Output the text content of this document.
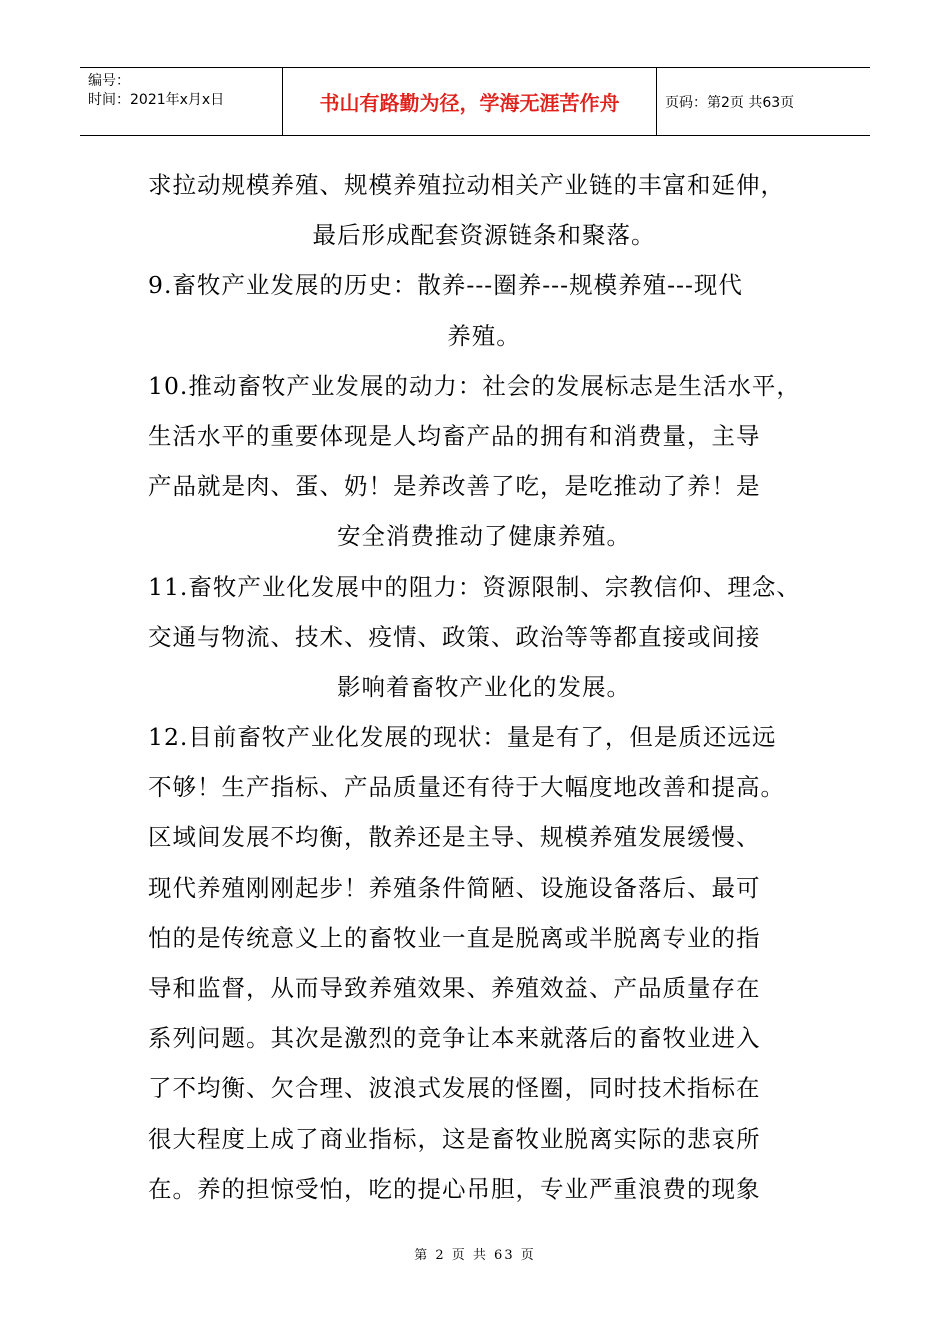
编号：
时间：2021年x月x日	书山有路勤为径，学海无涯苦作舟	页码：第2页 共63页
求拉动规模养殖、规模养殖拉动相关产业链的丰富和延伸，
最后形成配套资源链条和聚落。
9.畜牧产业发展的历史：散养---圈养---规模养殖---现代
养殖。
10.推动畜牧产业发展的动力：社会的发展标志是生活水平，
生活水平的重要体现是人均畜产品的拥有和消费量，主导
产品就是肉、蛋、奶！是养改善了吃，是吃推动了养！是
安全消费推动了健康养殖。
11.畜牧产业化发展中的阻力：资源限制、宗教信仰、理念、
交通与物流、技术、疫情、政策、政治等等都直接或间接
影响着畜牧产业化的发展。
12.目前畜牧产业化发展的现状：量是有了，但是质还远远
不够！生产指标、产品质量还有待于大幅度地改善和提高。
区域间发展不均衡，散养还是主导、规模养殖发展缓慢、
现代养殖刚刚起步！养殖条件简陋、设施设备落后、最可
怕的是传统意义上的畜牧业一直是脱离或半脱离专业的指
导和监督，从而导致养殖效果、养殖效益、产品质量存在
系列问题。其次是激烈的竞争让本来就落后的畜牧业进入
了不均衡、欠合理、波浪式发展的怪圈，同时技术指标在
很大程度上成了商业指标，这是畜牧业脱离实际的悲哀所
在。养的担惊受怕，吃的提心吊胆，专业严重浪费的现象
第 2 页 共 63 页
